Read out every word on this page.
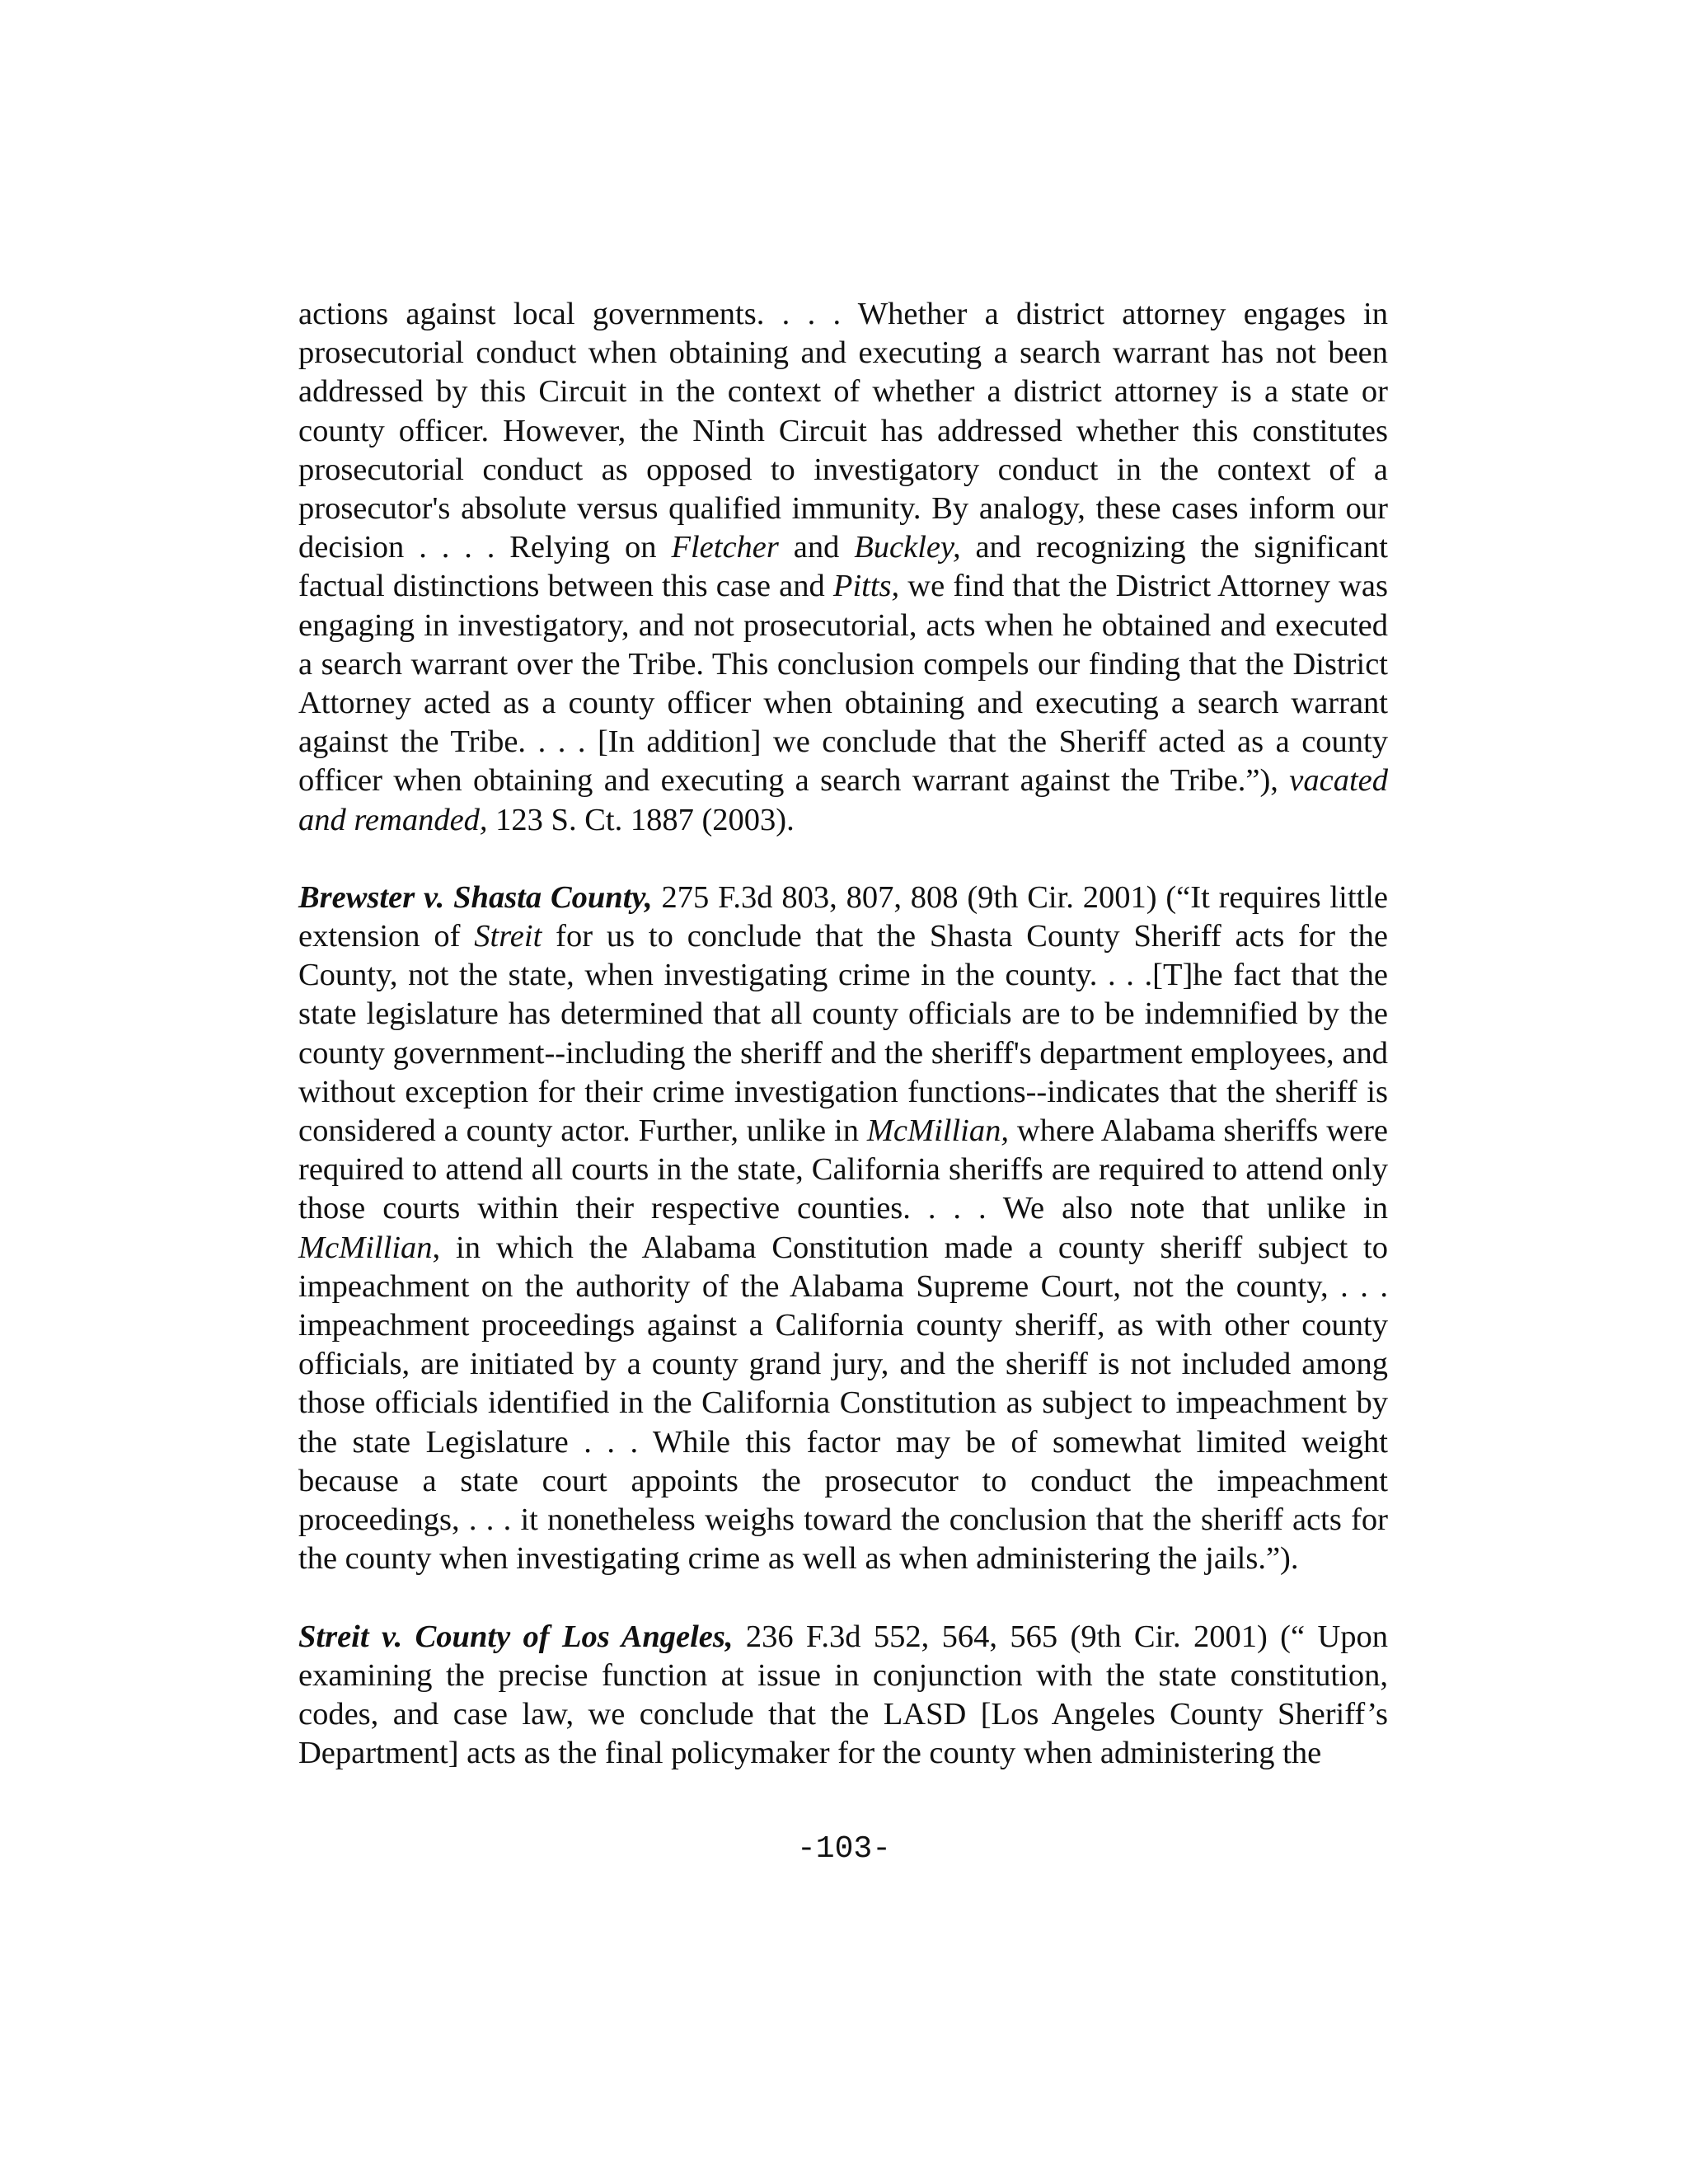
actions against local governments. . . . Whether a district attorney engages in prosecutorial conduct when obtaining and executing a search warrant has not been addressed by this Circuit in the context of whether a district attorney is a state or county officer. However, the Ninth Circuit has addressed whether this constitutes prosecutorial conduct as opposed to investigatory conduct in the context of a prosecutor's absolute versus qualified immunity. By analogy, these cases inform our decision . . . . Relying on Fletcher and Buckley, and recognizing the significant factual distinctions between this case and Pitts, we find that the District Attorney was engaging in investigatory, and not prosecutorial, acts when he obtained and executed a search warrant over the Tribe. This conclusion compels our finding that the District Attorney acted as a county officer when obtaining and executing a search warrant against the Tribe. . . . [In addition] we conclude that the Sheriff acted as a county officer when obtaining and executing a search warrant against the Tribe.”), vacated and remanded, 123 S. Ct. 1887 (2003).

Brewster v. Shasta County, 275 F.3d 803, 807, 808 (9th Cir. 2001) (“It requires little extension of Streit for us to conclude that the Shasta County Sheriff acts for the County, not the state, when investigating crime in the county. . . .[T]he fact that the state legislature has determined that all county officials are to be indemnified by the county government--including the sheriff and the sheriff's department employees, and without exception for their crime investigation functions--indicates that the sheriff is considered a county actor. Further, unlike in McMillian, where Alabama sheriffs were required to attend all courts in the state, California sheriffs are required to attend only those courts within their respective counties. . . . We also note that unlike in McMillian, in which the Alabama Constitution made a county sheriff subject to impeachment on the authority of the Alabama Supreme Court, not the county, . . . impeachment proceedings against a California county sheriff, as with other county officials, are initiated by a county grand jury, and the sheriff is not included among those officials identified in the California Constitution as subject to impeachment by the state Legislature . . . While this factor may be of somewhat limited weight because a state court appoints the prosecutor to conduct the impeachment proceedings, . . . it nonetheless weighs toward the conclusion that the sheriff acts for the county when investigating crime as well as when administering the jails.”).

Streit v. County of Los Angeles, 236 F.3d 552, 564, 565 (9th Cir. 2001) (“ Upon examining the precise function at issue in conjunction with the state constitution, codes, and case law, we conclude that the LASD [Los Angeles County Sheriff’s Department] acts as the final policymaker for the county when administering the

-103-
